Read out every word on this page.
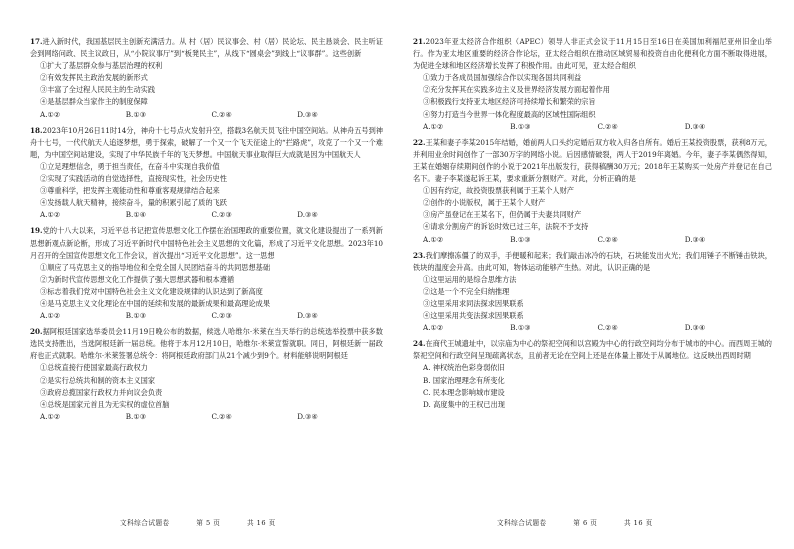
17.进入新时代，我国基层民主创新充满活力。从 村（居）民议事会、村（居）民论坛、民主恳谈会、民主听证会到网络问政、民主议政日，从“小院议事厅”到“板凳民主”，从线下“圆桌会”到线上“议事群”。这些创新

①扩大了基层群众参与基层治理的权利
②有效发挥民主政治发展的新形式
③丰富了全过程人民民主的生动实践
④是基层群众当家作主的制度保障
A.①②	B.①③	C.②④	D.③④

18.2023年10月26日11时14分，神舟十七号点火发射升空，搭载3名航天员飞往中国空间站。从神舟五号到神舟十七号，一代代航天人追逐梦想，勇于探索，破解了一个又一个飞天征途上的“拦路虎”，攻克了一个又一个难题，为中国空间站建设，实现了中华民族千年的飞天梦想。中国航天事业取得巨大成就是因为中国航天人

①立足理想信念，勇于担当责任，在奋斗中实现自我价值
②实现了实践活动的自觉选择性，直接现实性，社会历史性
③尊重科学，把发挥主观能动性和尊重客观规律结合起来
④发扬载人航天精神，接续奋斗，量的积累引起了质的飞跃
A.①②	B.①④	C.②③	D.③④

19.党的十八大以来，习近平总书记把宣传思想文化工作摆在治国理政的重要位置，就文化建设提出了一系列新思想新观点新论断，形成了习近平新时代中国特色社会主义思想的文化篇，形成了习近平文化思想。2023年10月召开的全国宣传思想文化工作会议，首次提出“习近平文化思想”。这一思想

①顺应了马克思主义的指导地位和全党全国人民团结奋斗的共同思想基础
②为新时代宣传思想文化工作提供了强大思想武器和根本遵循
③标志着我们党对中国特色社会主义文化建设规律的认识达到了新高度
④是马克思主义文化理论在中国的延续和发展的最新成果和最高理论成果
A.①②	B.①③	C.②③	D.③④

20.据阿根廷国家选举委员会11月19日晚公布的数据，候选人哈维尔·米莱在当天举行的总统选举投票中获多数选民支持胜出，当选阿根廷新一届总统。他将于本月12月10日，哈维尔·米莱宣誓就职。同日，阿根廷新一届政府也正式就职。哈维尔·米莱签署总统令：将阿根廷政府部门从21个减少到9个。材料能够说明阿根廷

①总统直接行使国家最高行政权力
②是实行总统共和制的资本主义国家
③政府总揽国家行政权力并向议会负责
④总统是国家元首且为无实权的虚位首脑
A.①②	B.①③	C.②④	D.③④
文科综合试题卷	第 5 页	共 16 页

21.2023年亚太经济合作组织（APEC）领导人非正式会议于11月15日至16日在美国加利福尼亚州旧金山举行。作为亚太地区重要的经济合作论坛，亚太经合组织在推动区域贸易和投资自由化便利化方面不断取得进展，为促进全球和地区经济增长发挥了积极作用。由此可见，亚太经合组织

①致力于各成员国加强综合作以实现各国共同利益
②充分发挥其在实践多边主义及世界经济发展方面起着作用
③积极践行支持亚太地区经济可持续增长和繁荣的宗旨
④努力打造当今世界一体化程度最高的区域性国际组织
A.①②	B.①③	C.②④	D.③④

22.王某和妻子李某2015年结婚，婚前两人口头约定婚后双方收入归各自所有。婚后王某投资股票，获利8万元，并利用业余时间创作了一部30万字的网络小说。后因感情破裂，两人于2019年离婚。今年，妻子李某偶然得知，王某在婚姻存续期间创作的小说于2021年出版发行，获得稿酬30万元；2018年王某购买一处房产并登记在自己名下。妻子李某遂起诉王某，要求重新分割财产。对此，分析正确的是

①因有约定，故投资股票获利属于王某个人财产
②创作的小说版权，属于王某个人财产
③房产虽登记在王某名下，但仍属于夫妻共同财产
④请求分割房产的诉讼时效已过三年，法院不予支持
A.①②	B.①③	C.②④	D.③④

23.我们摩擦冻僵了的双手，手便暖和起来；我们敲击冰冷的石块，石块能发出火光；我们用锤子不断锤击铁块，铁块的温度会升高。由此可知，物体运动能够产生热。对此，认识正确的是

①这里运用的是综合思维方法
②这是一个不完全归纳推理
③这里采用求同法探求因果联系
④这里采用共变法探求因果联系
A.①②	B.①③	C.②④	D.③④

24.在商代王城遗址中，以宗庙为中心的祭祀空间和以宫殿为中心的行政空间均分布于城市的中心。而西周王城的祭祀空间和行政空间呈现疏离状态，且前者无论在空间上还是在体量上都处于从属地位。这反映出西周时期

A. 神权统治色彩身弱依旧
B. 国家治理理念有所变化
C. 民本理念影响城市建设
D. 高度集中的王权已出现
文科综合试题卷	第 6 页	共 16 页
